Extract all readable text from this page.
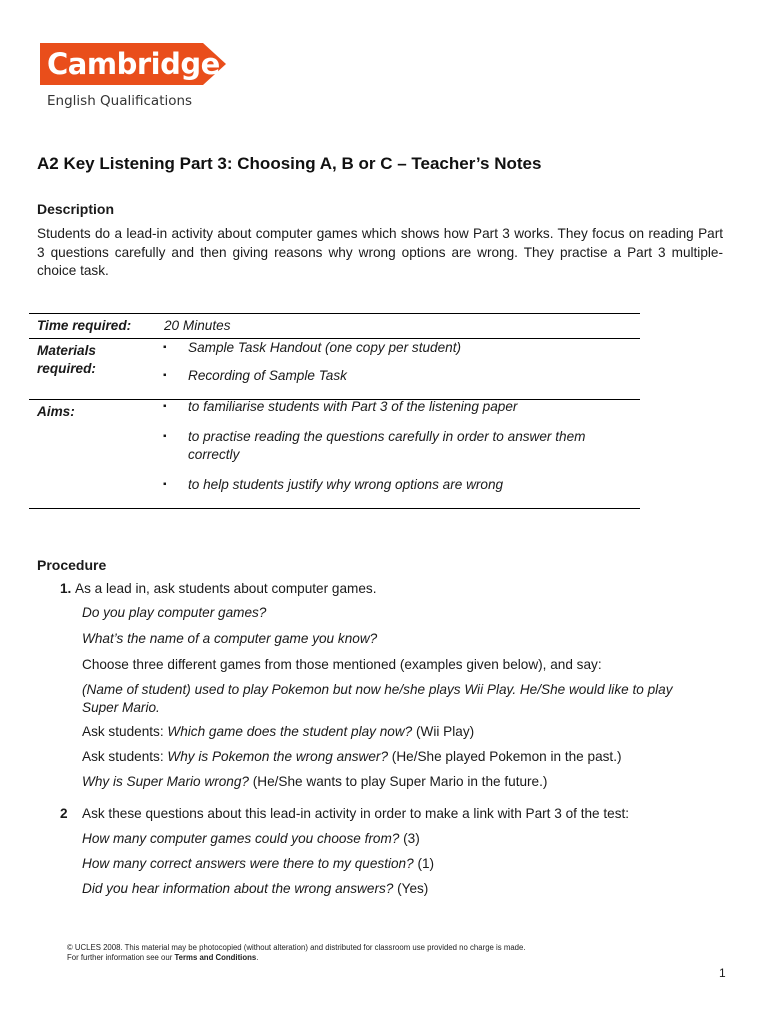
Cambridge
English Qualifications
A2 Key Listening Part 3: Choosing A, B or C – Teacher’s Notes
Description

Students do a lead-in activity about computer games which shows how Part 3 works. They focus on reading Part 3 questions carefully and then giving reasons why wrong options are wrong. They practise a Part 3 multiple-choice task.

Time required:	20 Minutes
Materials
required:
▪ Sample Task Handout (one copy per student)
▪ Recording of Sample Task
Aims:	▪ to familiarise students with Part 3 of the listening paper
▪ to practise reading the questions carefully in order to answer them correctly
▪ to help students justify why wrong options are wrong
Procedure
1. As a lead in, ask students about computer games.

Do you play computer games?

What’s the name of a computer game you know?

Choose three different games from those mentioned (examples given below), and say:

(Name of student) used to play Pokemon but now he/she plays Wii Play. He/She would like to play Super Mario.

Ask students: Which game does the student play now? (Wii Play)

Ask students: Why is Pokemon the wrong answer? (He/She played Pokemon in the past.)

Why is Super Mario wrong? (He/She wants to play Super Mario in the future.)

2 Ask these questions about this lead-in activity in order to make a link with Part 3 of the test:

How many computer games could you choose from? (3)

How many correct answers were there to my question? (1)

Did you hear information about the wrong answers? (Yes)

© UCLES 2008. This material may be photocopied (without alteration) and distributed for classroom use provided no charge is made.
For further information see our Terms and Conditions.
1
